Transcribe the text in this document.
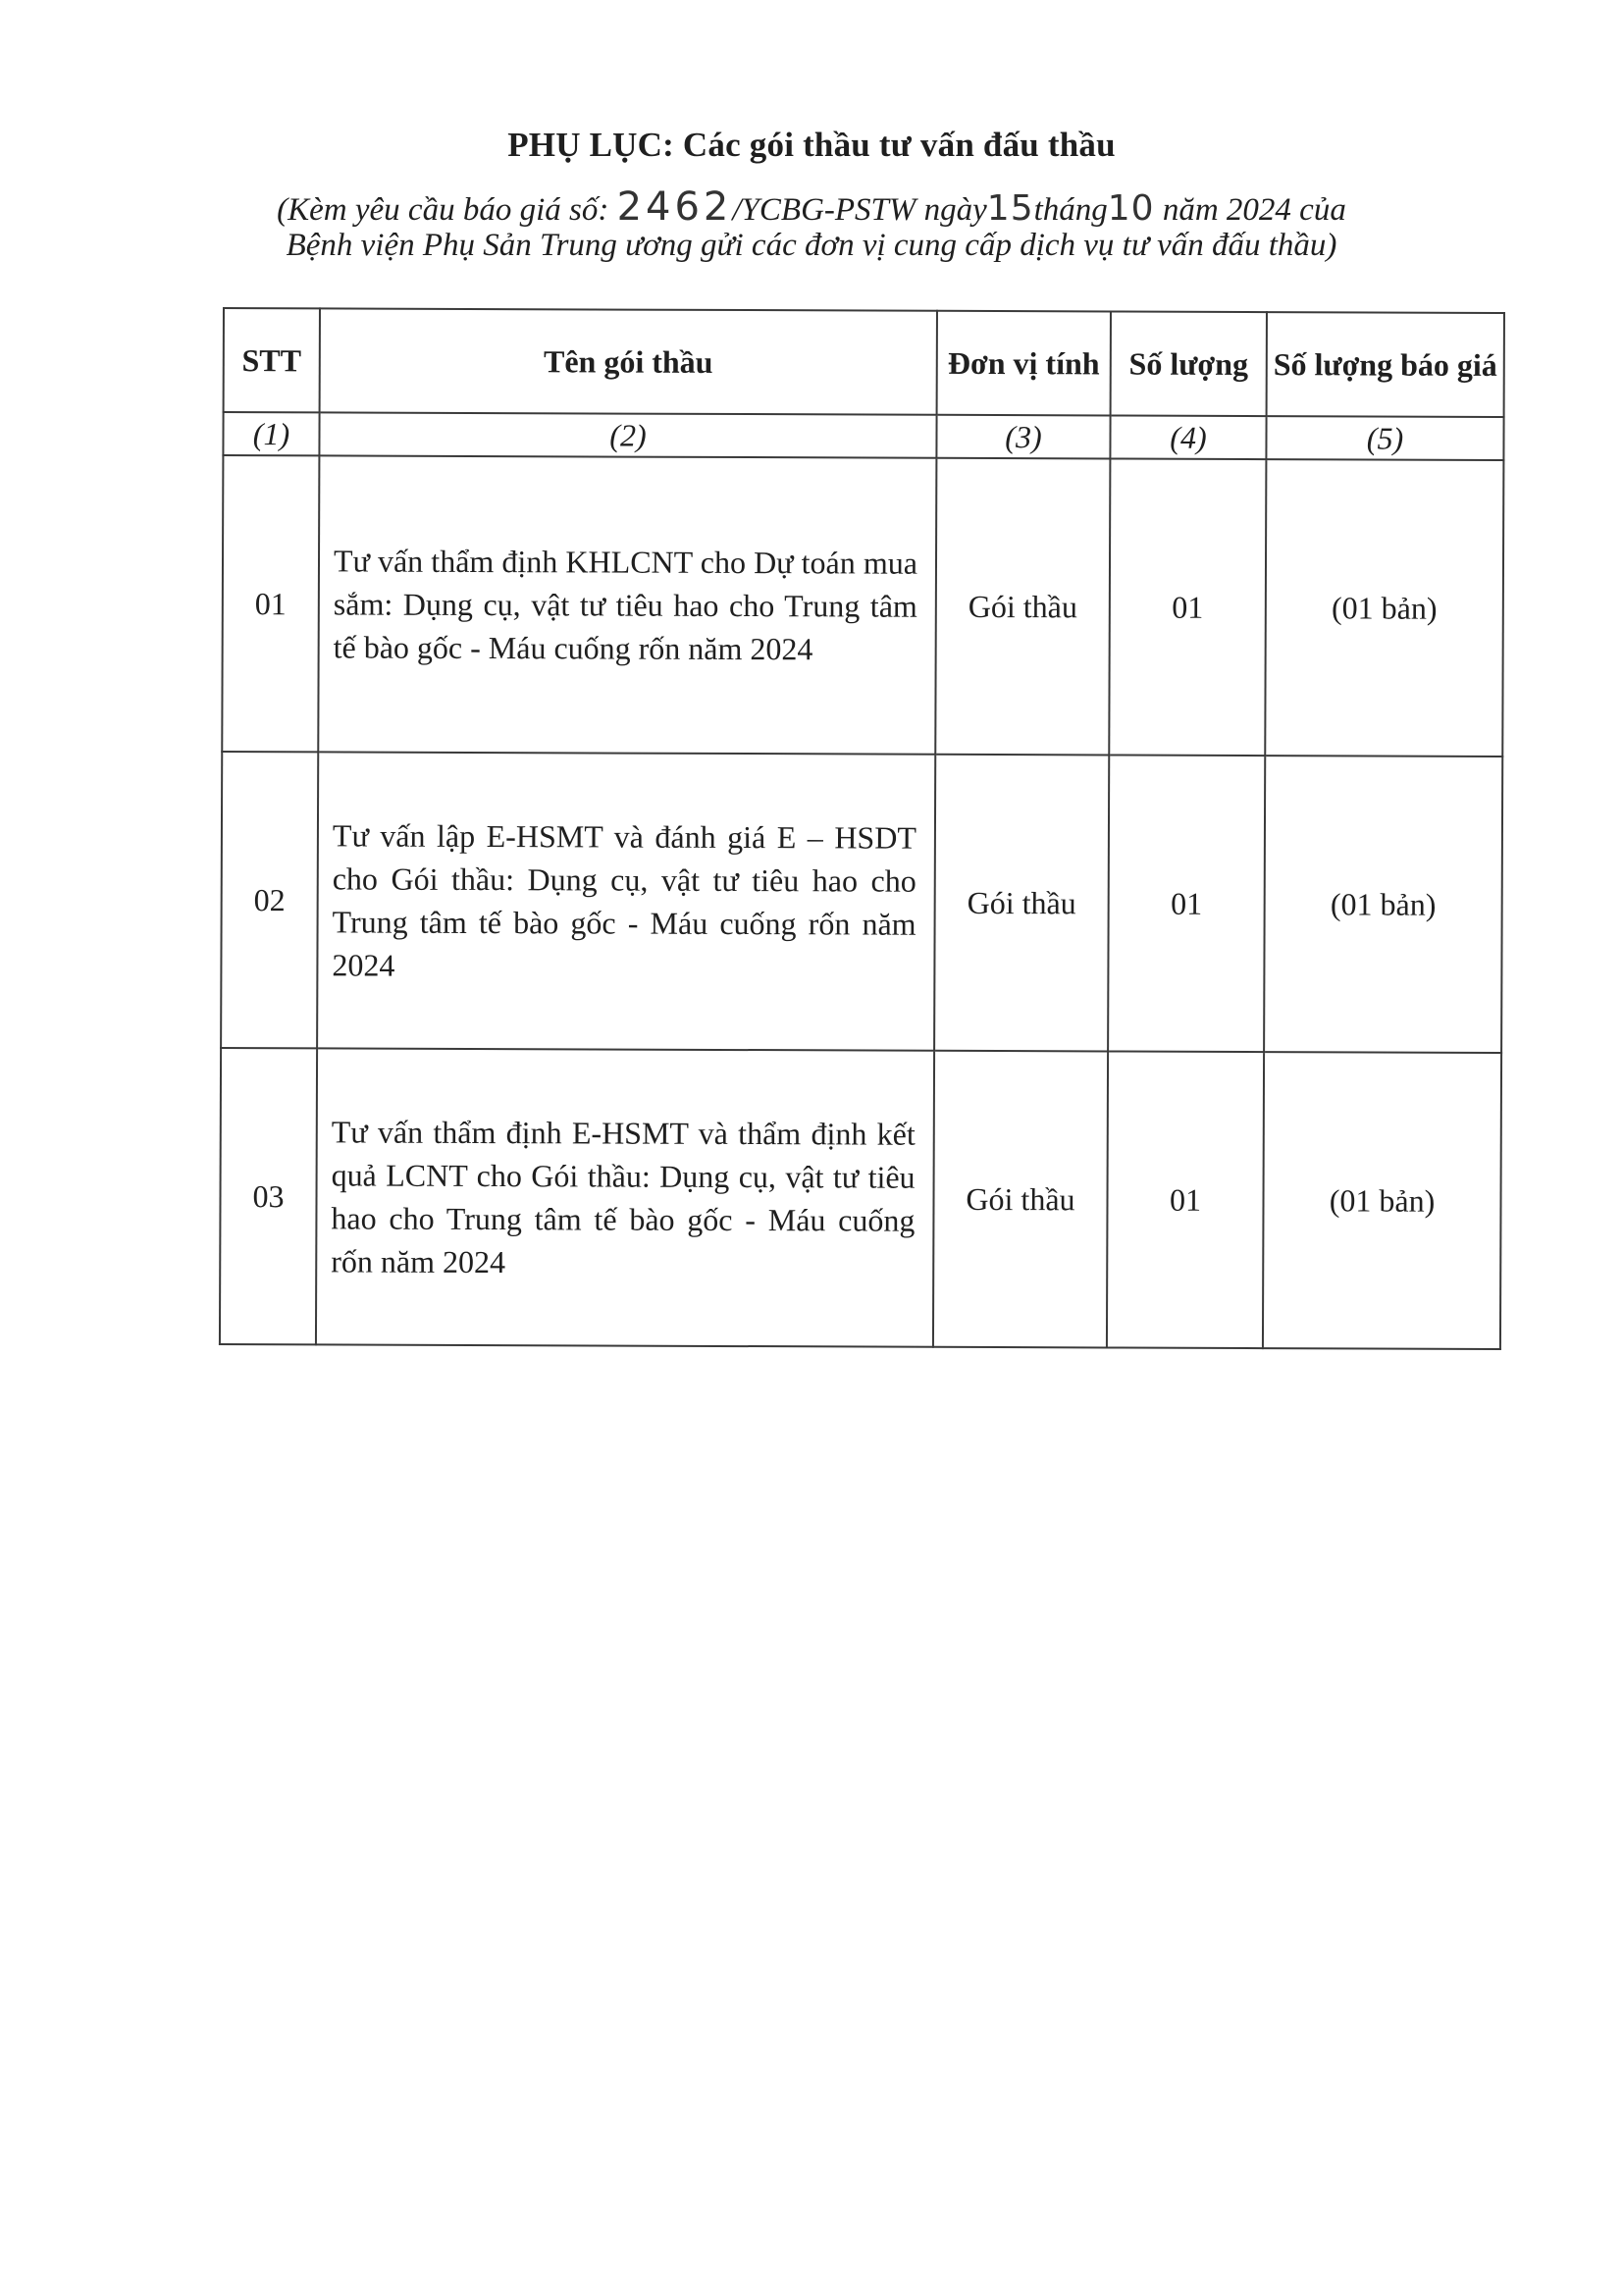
PHỤ LỤC: Các gói thầu tư vấn đấu thầu
(Kèm yêu cầu báo giá số: 2462/YCBG-PSTW ngày15tháng10 năm 2024 của
Bệnh viện Phụ Sản Trung ương gửi các đơn vị cung cấp dịch vụ tư vấn đấu thầu)
STT	Tên gói thầu	Đơn vị tính	Số lượng	Số lượng báo giá
(1)	(2)	(3)	(4)	(5)
01	Tư vấn thẩm định KHLCNT cho Dự toán mua sắm: Dụng cụ, vật tư tiêu hao cho Trung tâm tế bào gốc - Máu cuống rốn năm 2024	Gói thầu	01	(01 bản)
02	Tư vấn lập E-HSMT và đánh giá E – HSDT cho Gói thầu: Dụng cụ, vật tư tiêu hao cho Trung tâm tế bào gốc - Máu cuống rốn năm 2024	Gói thầu	01	(01 bản)
03	Tư vấn thẩm định E-HSMT và thẩm định kết quả LCNT cho Gói thầu: Dụng cụ, vật tư tiêu hao cho Trung tâm tế bào gốc - Máu cuống rốn năm 2024	Gói thầu	01	(01 bản)
